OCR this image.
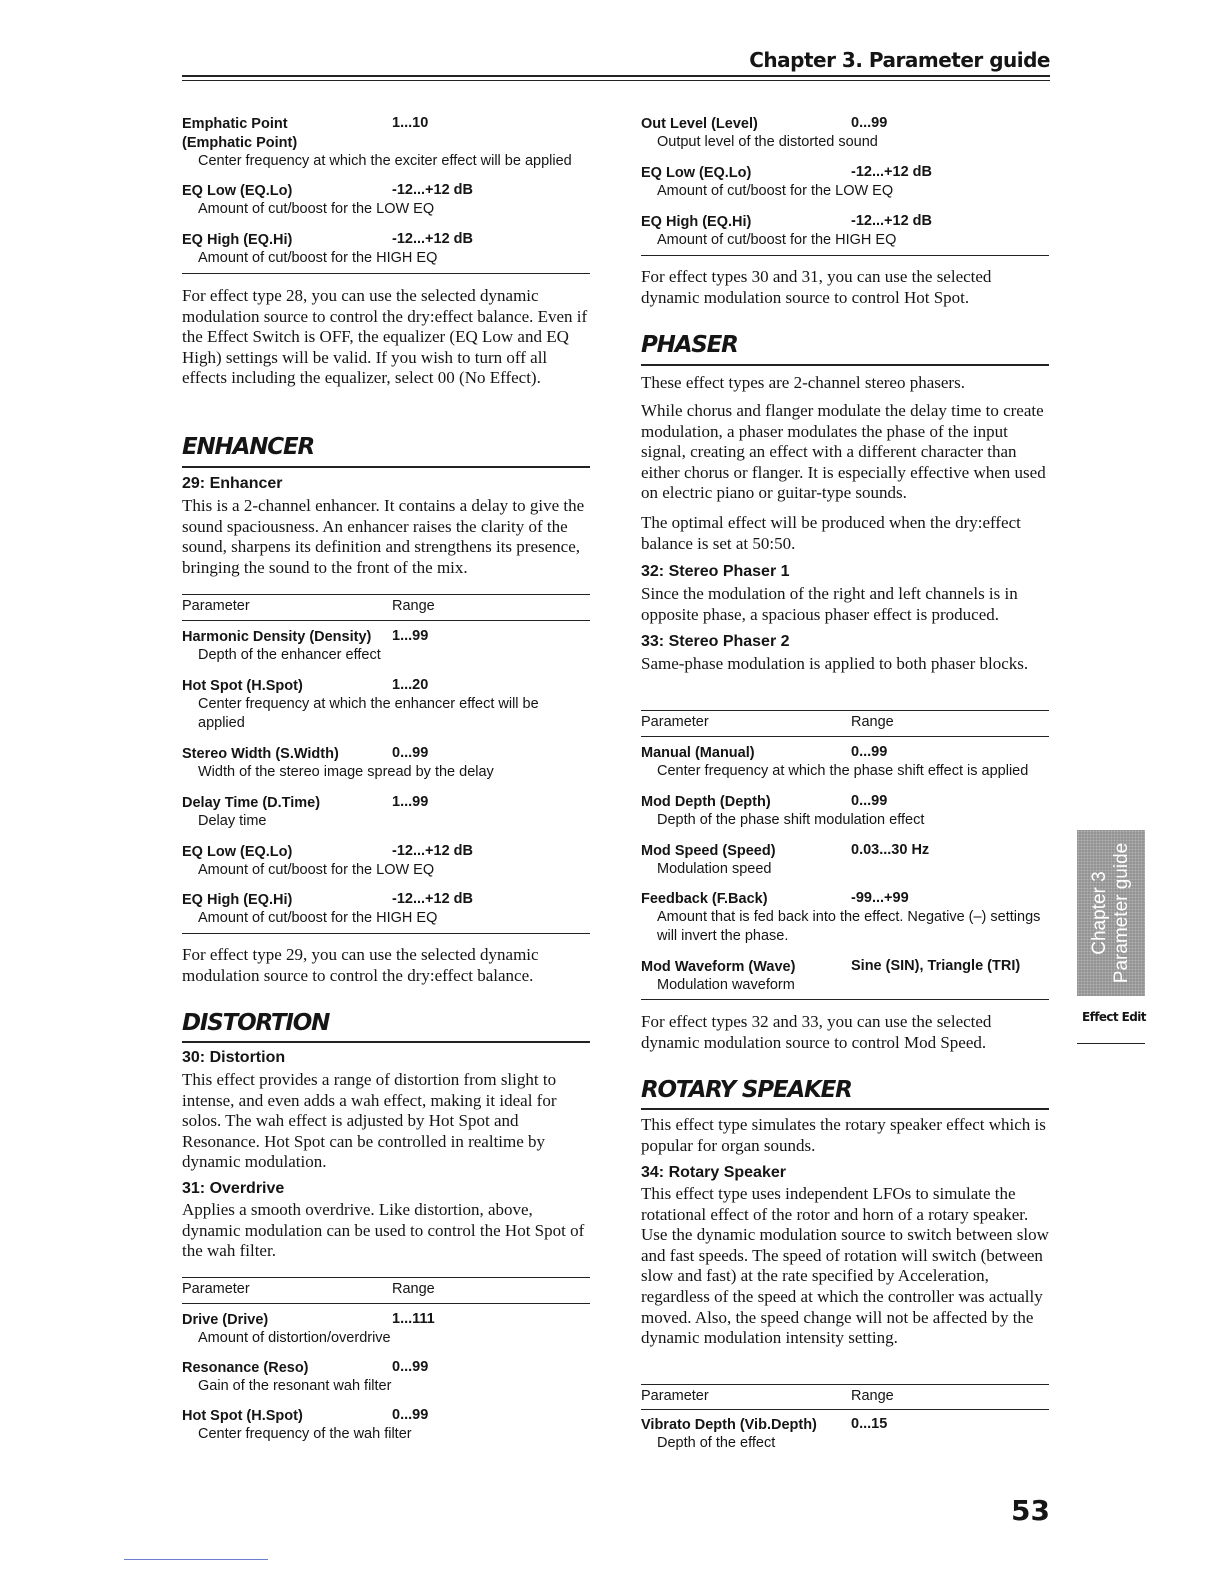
Chapter 3. Parameter guide
Emphatic Point	1...10
(Emphatic Point)
Center frequency at which the exciter effect will be applied
EQ Low (EQ.Lo)	-12...+12 dB
Amount of cut/boost for the LOW EQ
EQ High (EQ.Hi)	-12...+12 dB
Amount of cut/boost for the HIGH EQ
For effect type 28, you can use the selected dynamic modulation source to control the dry:effect balance. Even if the Effect Switch is OFF, the equalizer (EQ Low and EQ High) settings will be valid. If you wish to turn off all effects including the equalizer, select 00 (No Effect).
ENHANCER
29: Enhancer
This is a 2-channel enhancer. It contains a delay to give the sound spaciousness. An enhancer raises the clarity of the sound, sharpens its definition and strengthens its presence, bringing the sound to the front of the mix.
Parameter	Range
Harmonic Density (Density) 1...99
Depth of the enhancer effect
Hot Spot (H.Spot)	1...20
Center frequency at which the enhancer effect will be applied
Stereo Width (S.Width)	0...99
Width of the stereo image spread by the delay
Delay Time (D.Time)	1...99
Delay time
EQ Low (EQ.Lo)	-12...+12 dB
Amount of cut/boost for the LOW EQ
EQ High (EQ.Hi)	-12...+12 dB
Amount of cut/boost for the HIGH EQ
For effect type 29, you can use the selected dynamic modulation source to control the dry:effect balance.
DISTORTION
30: Distortion
This effect provides a range of distortion from slight to intense, and even adds a wah effect, making it ideal for solos. The wah effect is adjusted by Hot Spot and Resonance. Hot Spot can be controlled in realtime by dynamic modulation.
31: Overdrive
Applies a smooth overdrive. Like distortion, above, dynamic modulation can be used to control the Hot Spot of the wah filter.
Parameter	Range
Drive (Drive)	1...111
Amount of distortion/overdrive
Resonance (Reso)	0...99
Gain of the resonant wah filter
Hot Spot (H.Spot)	0...99
Center frequency of the wah filter
Out Level (Level)	0...99
Output level of the distorted sound
EQ Low (EQ.Lo)	-12...+12 dB
Amount of cut/boost for the LOW EQ
EQ High (EQ.Hi)	-12...+12 dB
Amount of cut/boost for the HIGH EQ
For effect types 30 and 31, you can use the selected dynamic modulation source to control Hot Spot.
PHASER
These effect types are 2-channel stereo phasers.
While chorus and flanger modulate the delay time to create modulation, a phaser modulates the phase of the input signal, creating an effect with a different character than either chorus or flanger. It is especially effective when used on electric piano or guitar-type sounds.
The optimal effect will be produced when the dry:effect balance is set at 50:50.
32: Stereo Phaser 1
Since the modulation of the right and left channels is in opposite phase, a spacious phaser effect is produced.
33: Stereo Phaser 2
Same-phase modulation is applied to both phaser blocks.
Parameter	Range
Manual (Manual)	0...99
Center frequency at which the phase shift effect is applied
Mod Depth (Depth)	0...99
Depth of the phase shift modulation effect
Mod Speed (Speed)	0.03...30 Hz
Modulation speed
Feedback (F.Back)	-99...+99
Amount that is fed back into the effect. Negative (–) settings will invert the phase.
Mod Waveform (Wave)	Sine (SIN), Triangle (TRI)
Modulation waveform
For effect types 32 and 33, you can use the selected dynamic modulation source to control Mod Speed.
ROTARY SPEAKER
This effect type simulates the rotary speaker effect which is popular for organ sounds.
34: Rotary Speaker
This effect type uses independent LFOs to simulate the rotational effect of the rotor and horn of a rotary speaker. Use the dynamic modulation source to switch between slow and fast speeds. The speed of rotation will switch (between slow and fast) at the rate specified by Acceleration, regardless of the speed at which the controller was actually moved. Also, the speed change will not be affected by the dynamic modulation intensity setting.
Parameter	Range
Vibrato Depth (Vib.Depth) 0...15
Depth of the effect
Chapter 3 Parameter guide
Effect Edit
53
